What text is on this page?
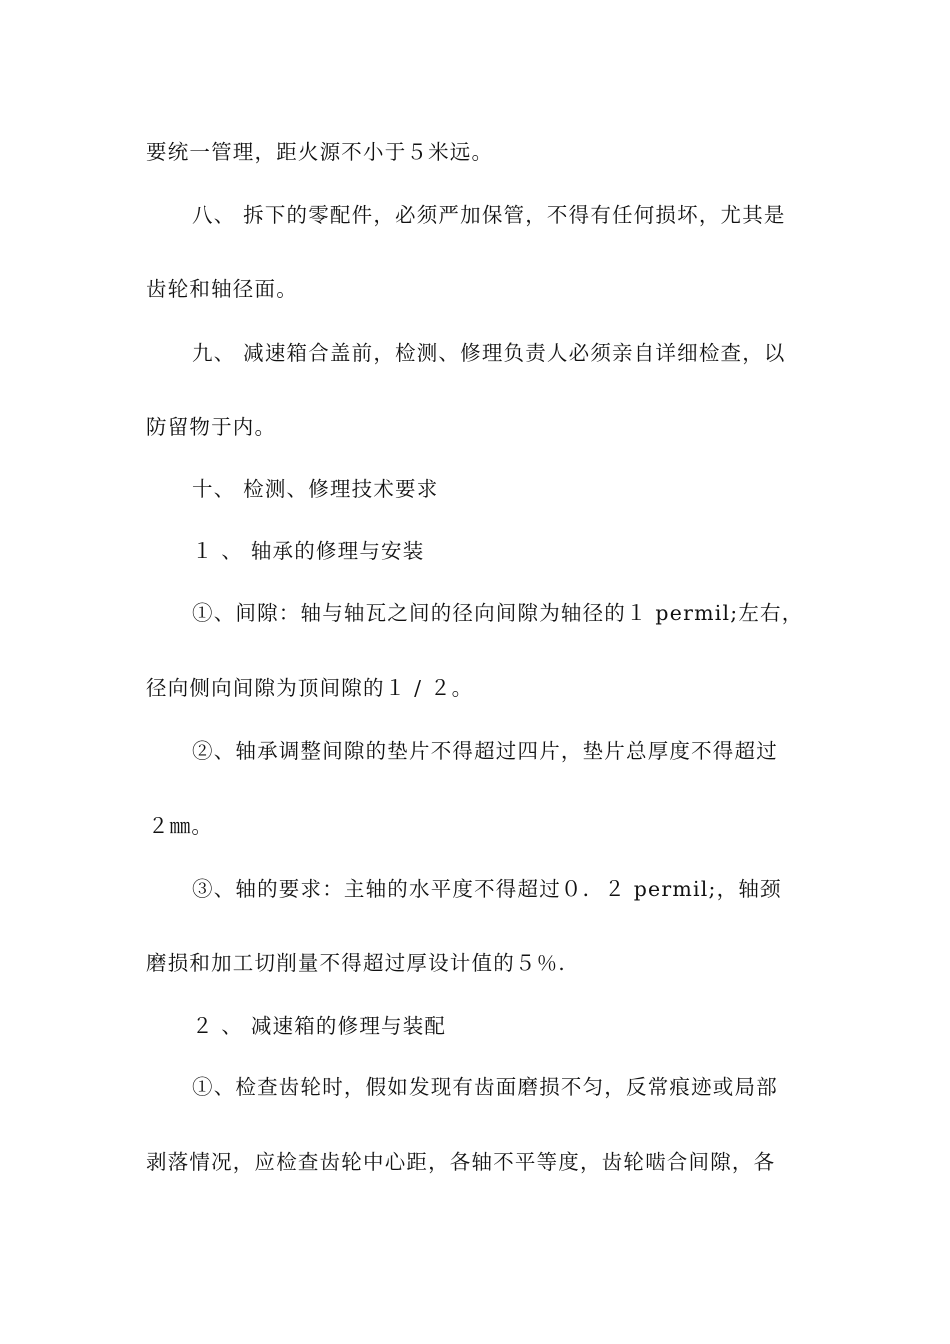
要统一管理，距火源不小于５米远。
八、 拆下的零配件，必须严加保管，不得有任何损坏，尤其是
齿轮和轴径面。
九、 减速箱合盖前，检测、修理负责人必须亲自详细检查，以
防留物于内。
十、 检测、修理技术要求
１ 、 轴承的修理与安装
①、间隙：轴与轴瓦之间的径向间隙为轴径的１ permil;左右，
径向侧向间隙为顶间隙的１ / ２。
②、轴承调整间隙的垫片不得超过四片，垫片总厚度不得超过
２㎜。
③、轴的要求：主轴的水平度不得超过０．２ permil;，轴颈
磨损和加工切削量不得超过厚设计值的５％.
２ 、 减速箱的修理与装配
①、检查齿轮时，假如发现有齿面磨损不匀，反常痕迹或局部
剥落情况，应检查齿轮中心距，各轴不平等度，齿轮啮合间隙，各
